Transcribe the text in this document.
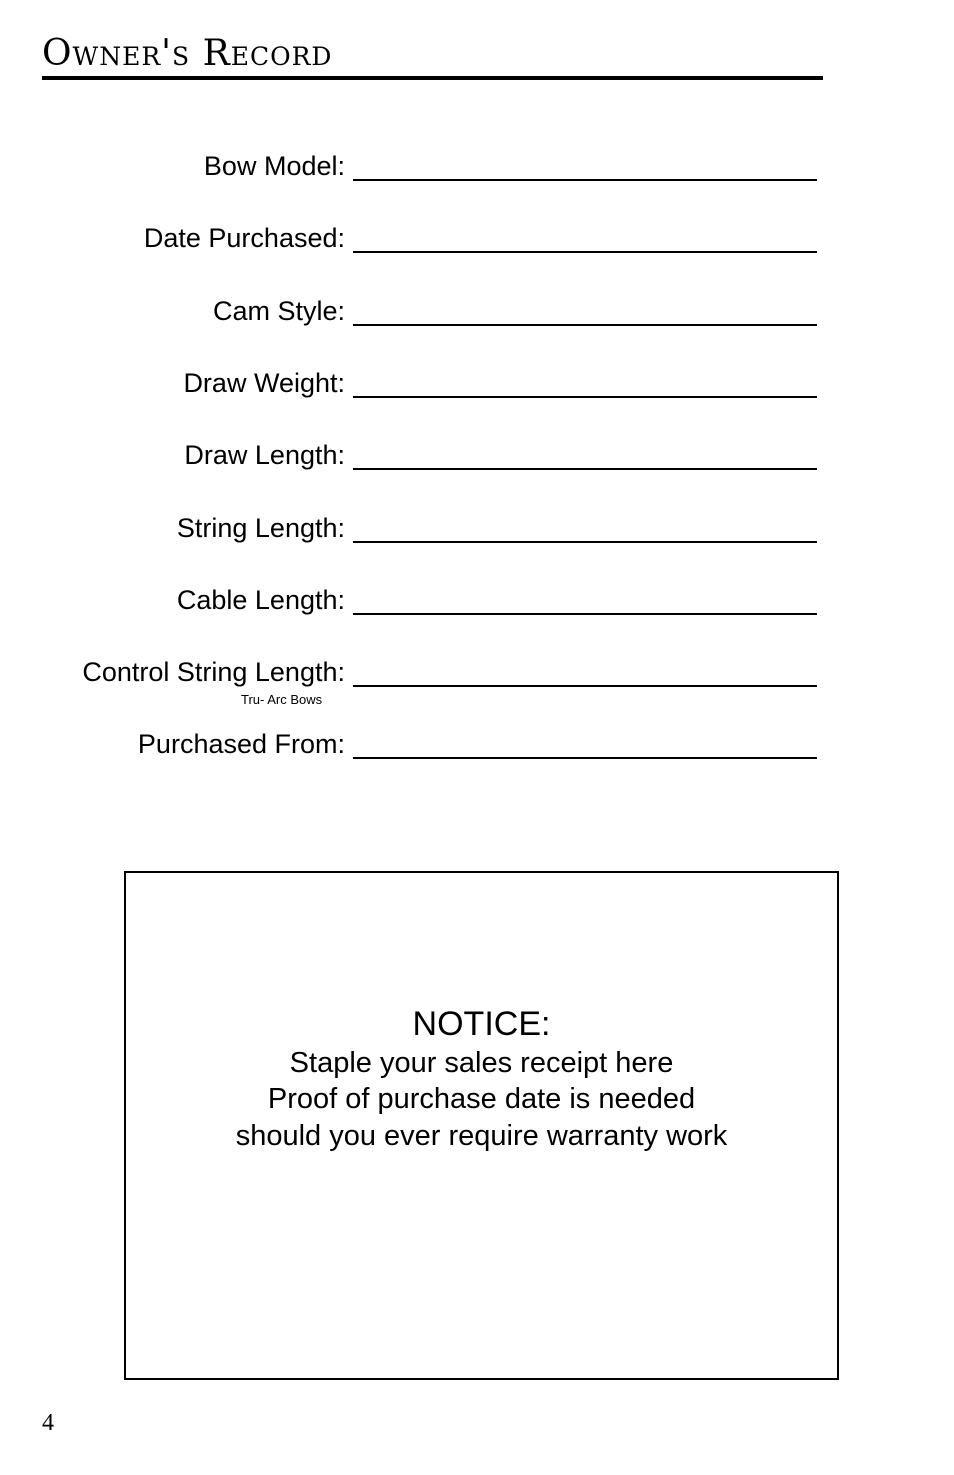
Owner's Record
Bow Model:
Date Purchased:
Cam Style:
Draw Weight:
Draw Length:
String Length:
Cable Length:
Control String Length:
Tru- Arc Bows
Purchased From:
NOTICE:
Staple your sales receipt here
Proof of purchase date is needed
should you ever require warranty work
4
